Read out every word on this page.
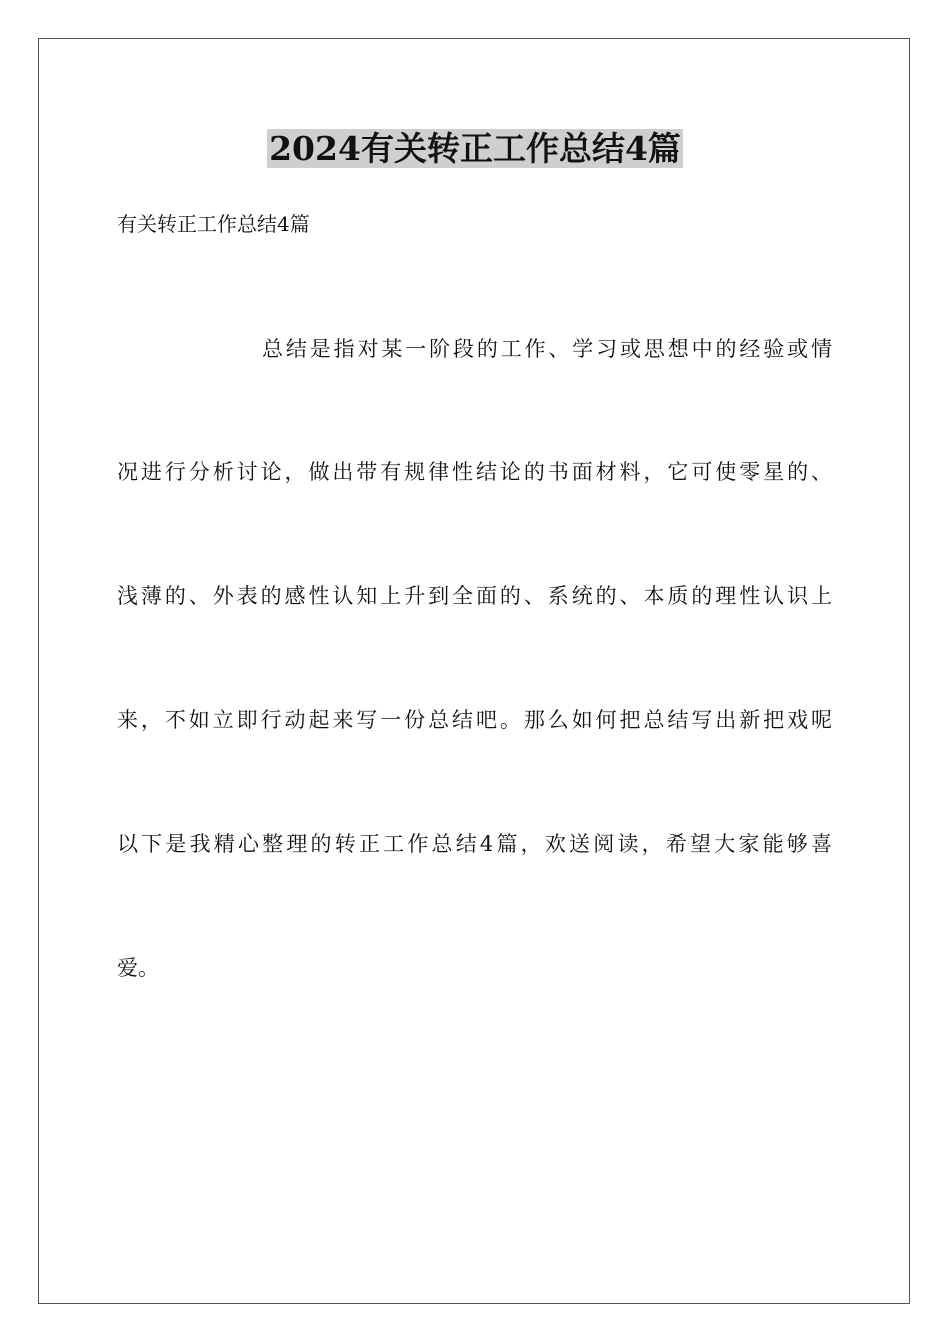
2024有关转正工作总结4篇

有关转正工作总结4篇

总结是指对某一阶段的工作、学习或思想中的经验或情

况进行分析讨论，做出带有规律性结论的书面材料，它可使零星的、

浅薄的、外表的感性认知上升到全面的、系统的、本质的理性认识上

来，不如立即行动起来写一份总结吧。那么如何把总结写出新把戏呢

以下是我精心整理的转正工作总结4篇，欢送阅读，希望大家能够喜

爱。
